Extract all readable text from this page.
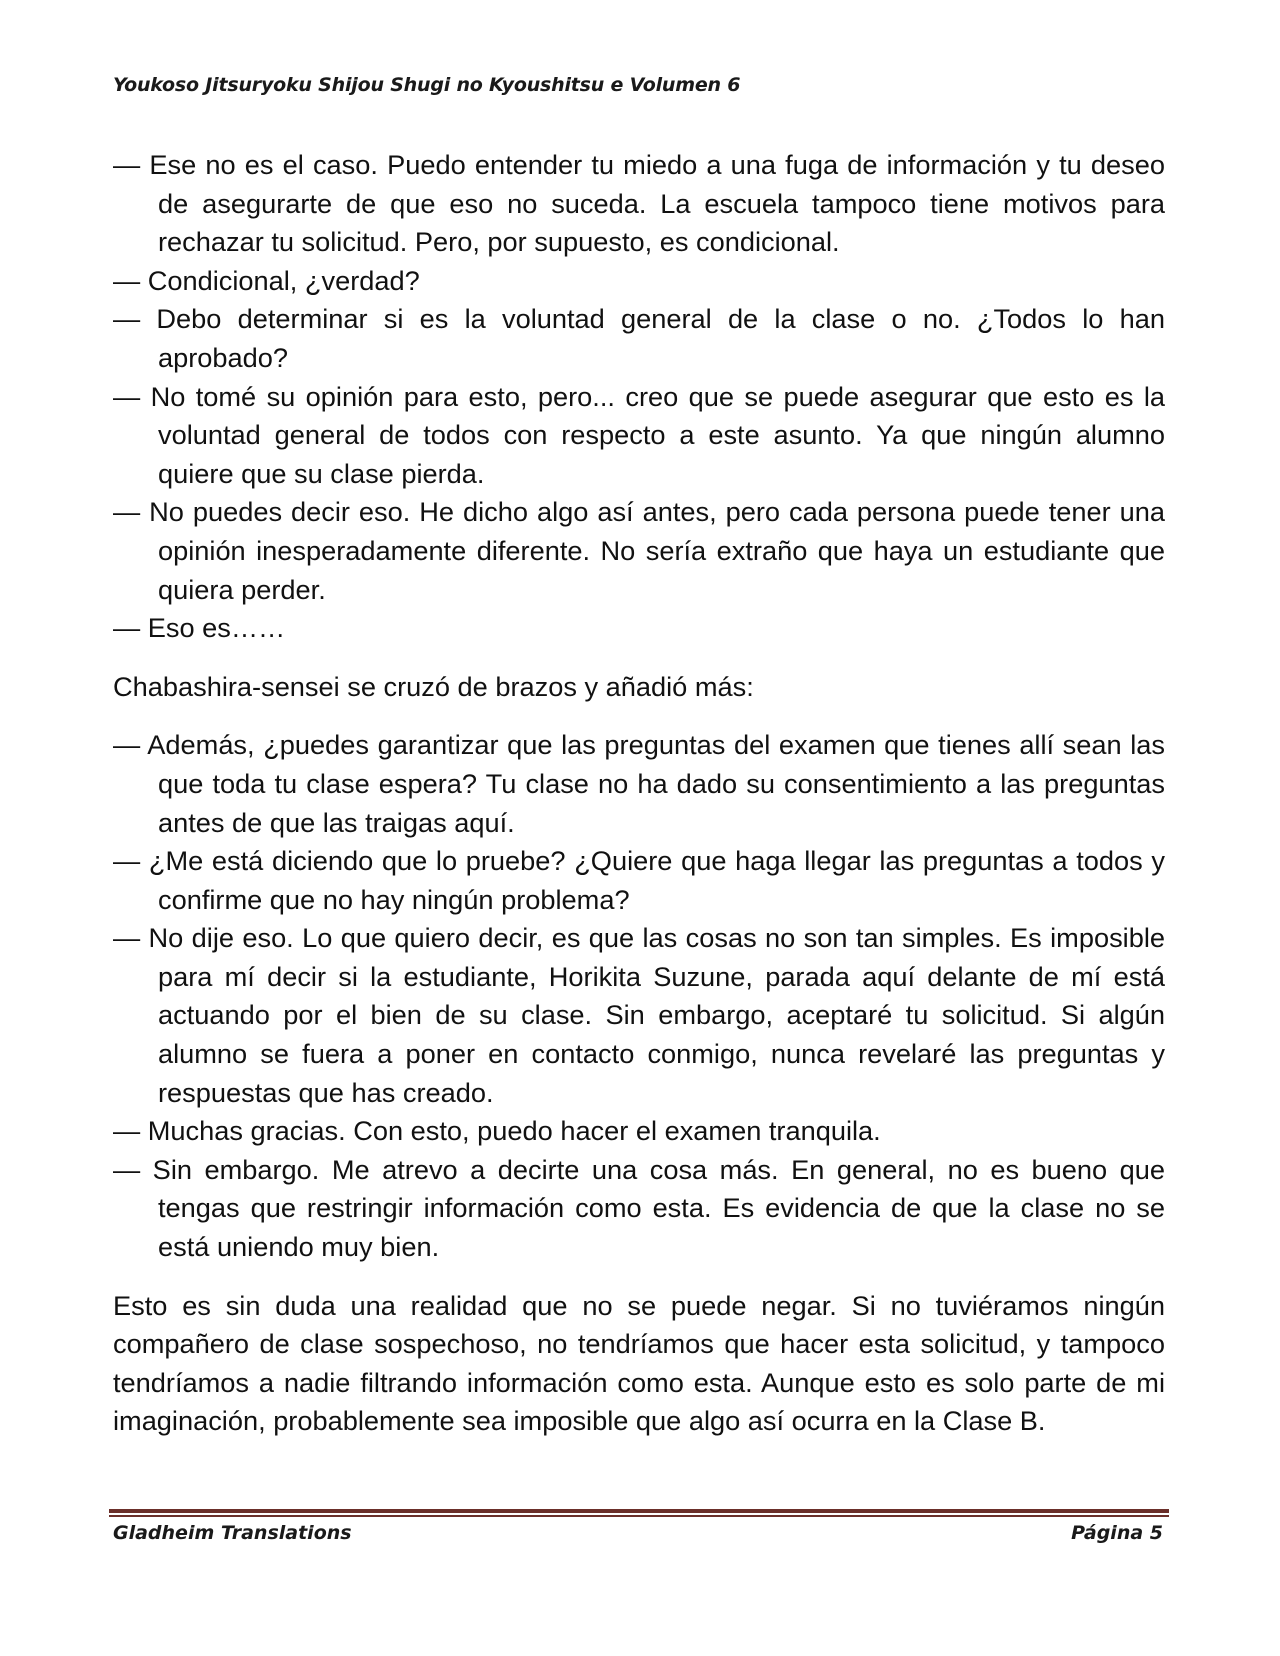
Youkoso Jitsuryoku Shijou Shugi no Kyoushitsu e Volumen 6

— Ese no es el caso. Puedo entender tu miedo a una fuga de información y tu deseo de asegurarte de que eso no suceda. La escuela tampoco tiene motivos para rechazar tu solicitud. Pero, por supuesto, es condicional.

— Condicional, ¿verdad?

— Debo determinar si es la voluntad general de la clase o no. ¿Todos lo han aprobado?

— No tomé su opinión para esto, pero... creo que se puede asegurar que esto es la voluntad general de todos con respecto a este asunto. Ya que ningún alumno quiere que su clase pierda.

— No puedes decir eso. He dicho algo así antes, pero cada persona puede tener una opinión inesperadamente diferente. No sería extraño que haya un estudiante que quiera perder.

— Eso es……

Chabashira-sensei se cruzó de brazos y añadió más:

— Además, ¿puedes garantizar que las preguntas del examen que tienes allí sean las que toda tu clase espera? Tu clase no ha dado su consentimiento a las preguntas antes de que las traigas aquí.

— ¿Me está diciendo que lo pruebe? ¿Quiere que haga llegar las preguntas a todos y confirme que no hay ningún problema?

— No dije eso. Lo que quiero decir, es que las cosas no son tan simples. Es imposible para mí decir si la estudiante, Horikita Suzune, parada aquí delante de mí está actuando por el bien de su clase. Sin embargo, aceptaré tu solicitud. Si algún alumno se fuera a poner en contacto conmigo, nunca revelaré las preguntas y respuestas que has creado.

— Muchas gracias. Con esto, puedo hacer el examen tranquila.

— Sin embargo. Me atrevo a decirte una cosa más. En general, no es bueno que tengas que restringir información como esta. Es evidencia de que la clase no se está uniendo muy bien.

Esto es sin duda una realidad que no se puede negar. Si no tuviéramos ningún compañero de clase sospechoso, no tendríamos que hacer esta solicitud, y tampoco tendríamos a nadie filtrando información como esta. Aunque esto es solo parte de mi imaginación, probablemente sea imposible que algo así ocurra en la Clase B.

Gladheim Translations	Página 5
